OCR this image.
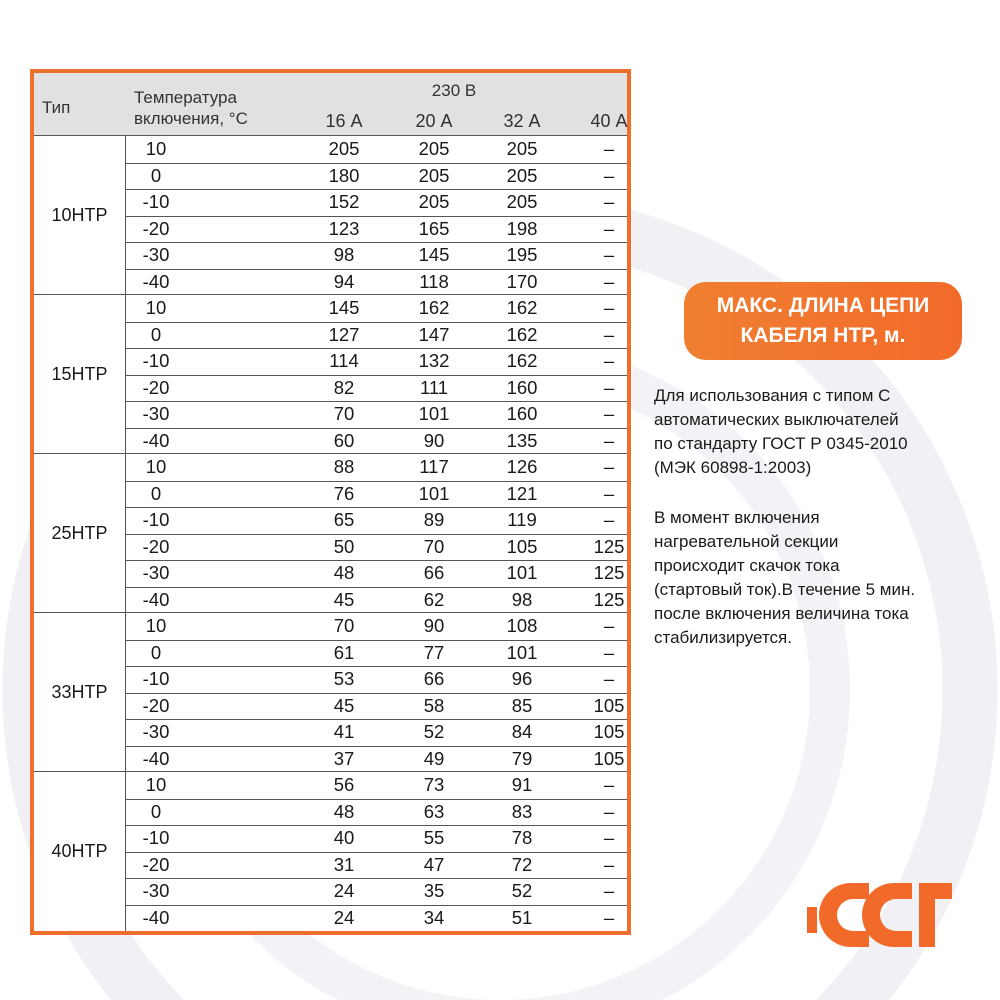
Тип
Температура
включения, °С
230 В
16 А	20 А	32 А	40 А
10НТР
10	205	205	205	–
0	180	205	205	–
-10	152	205	205	–
-20	123	165	198	–
-30	98	145	195	–
-40	94	118	170	–
15НТР
10	145	162	162	–
0	127	147	162	–
-10	114	132	162	–
-20	82	111	160	–
-30	70	101	160	–
-40	60	90	135	–
25НТР
10	88	117	126	–
0	76	101	121	–
-10	65	89	119	–
-20	50	70	105	125
-30	48	66	101	125
-40	45	62	98	125
33НТР
10	70	90	108	–
0	61	77	101	–
-10	53	66	96	–
-20	45	58	85	105
-30	41	52	84	105
-40	37	49	79	105
40НТР
10	56	73	91	–
0	48	63	83	–
-10	40	55	78	–
-20	31	47	72	–
-30	24	35	52	–
-40	24	34	51	–
МАКС. ДЛИНА ЦЕПИ
КАБЕЛЯ НТР, м.
Для использования с типом С
автоматических выключателей
по стандарту ГОСТ Р 0345-2010
(МЭК 60898-1:2003)
В момент включения
нагревательной секции
происходит скачок тока
(стартовый ток).В течение 5 мин.
после включения величина тока
стабилизируется.
